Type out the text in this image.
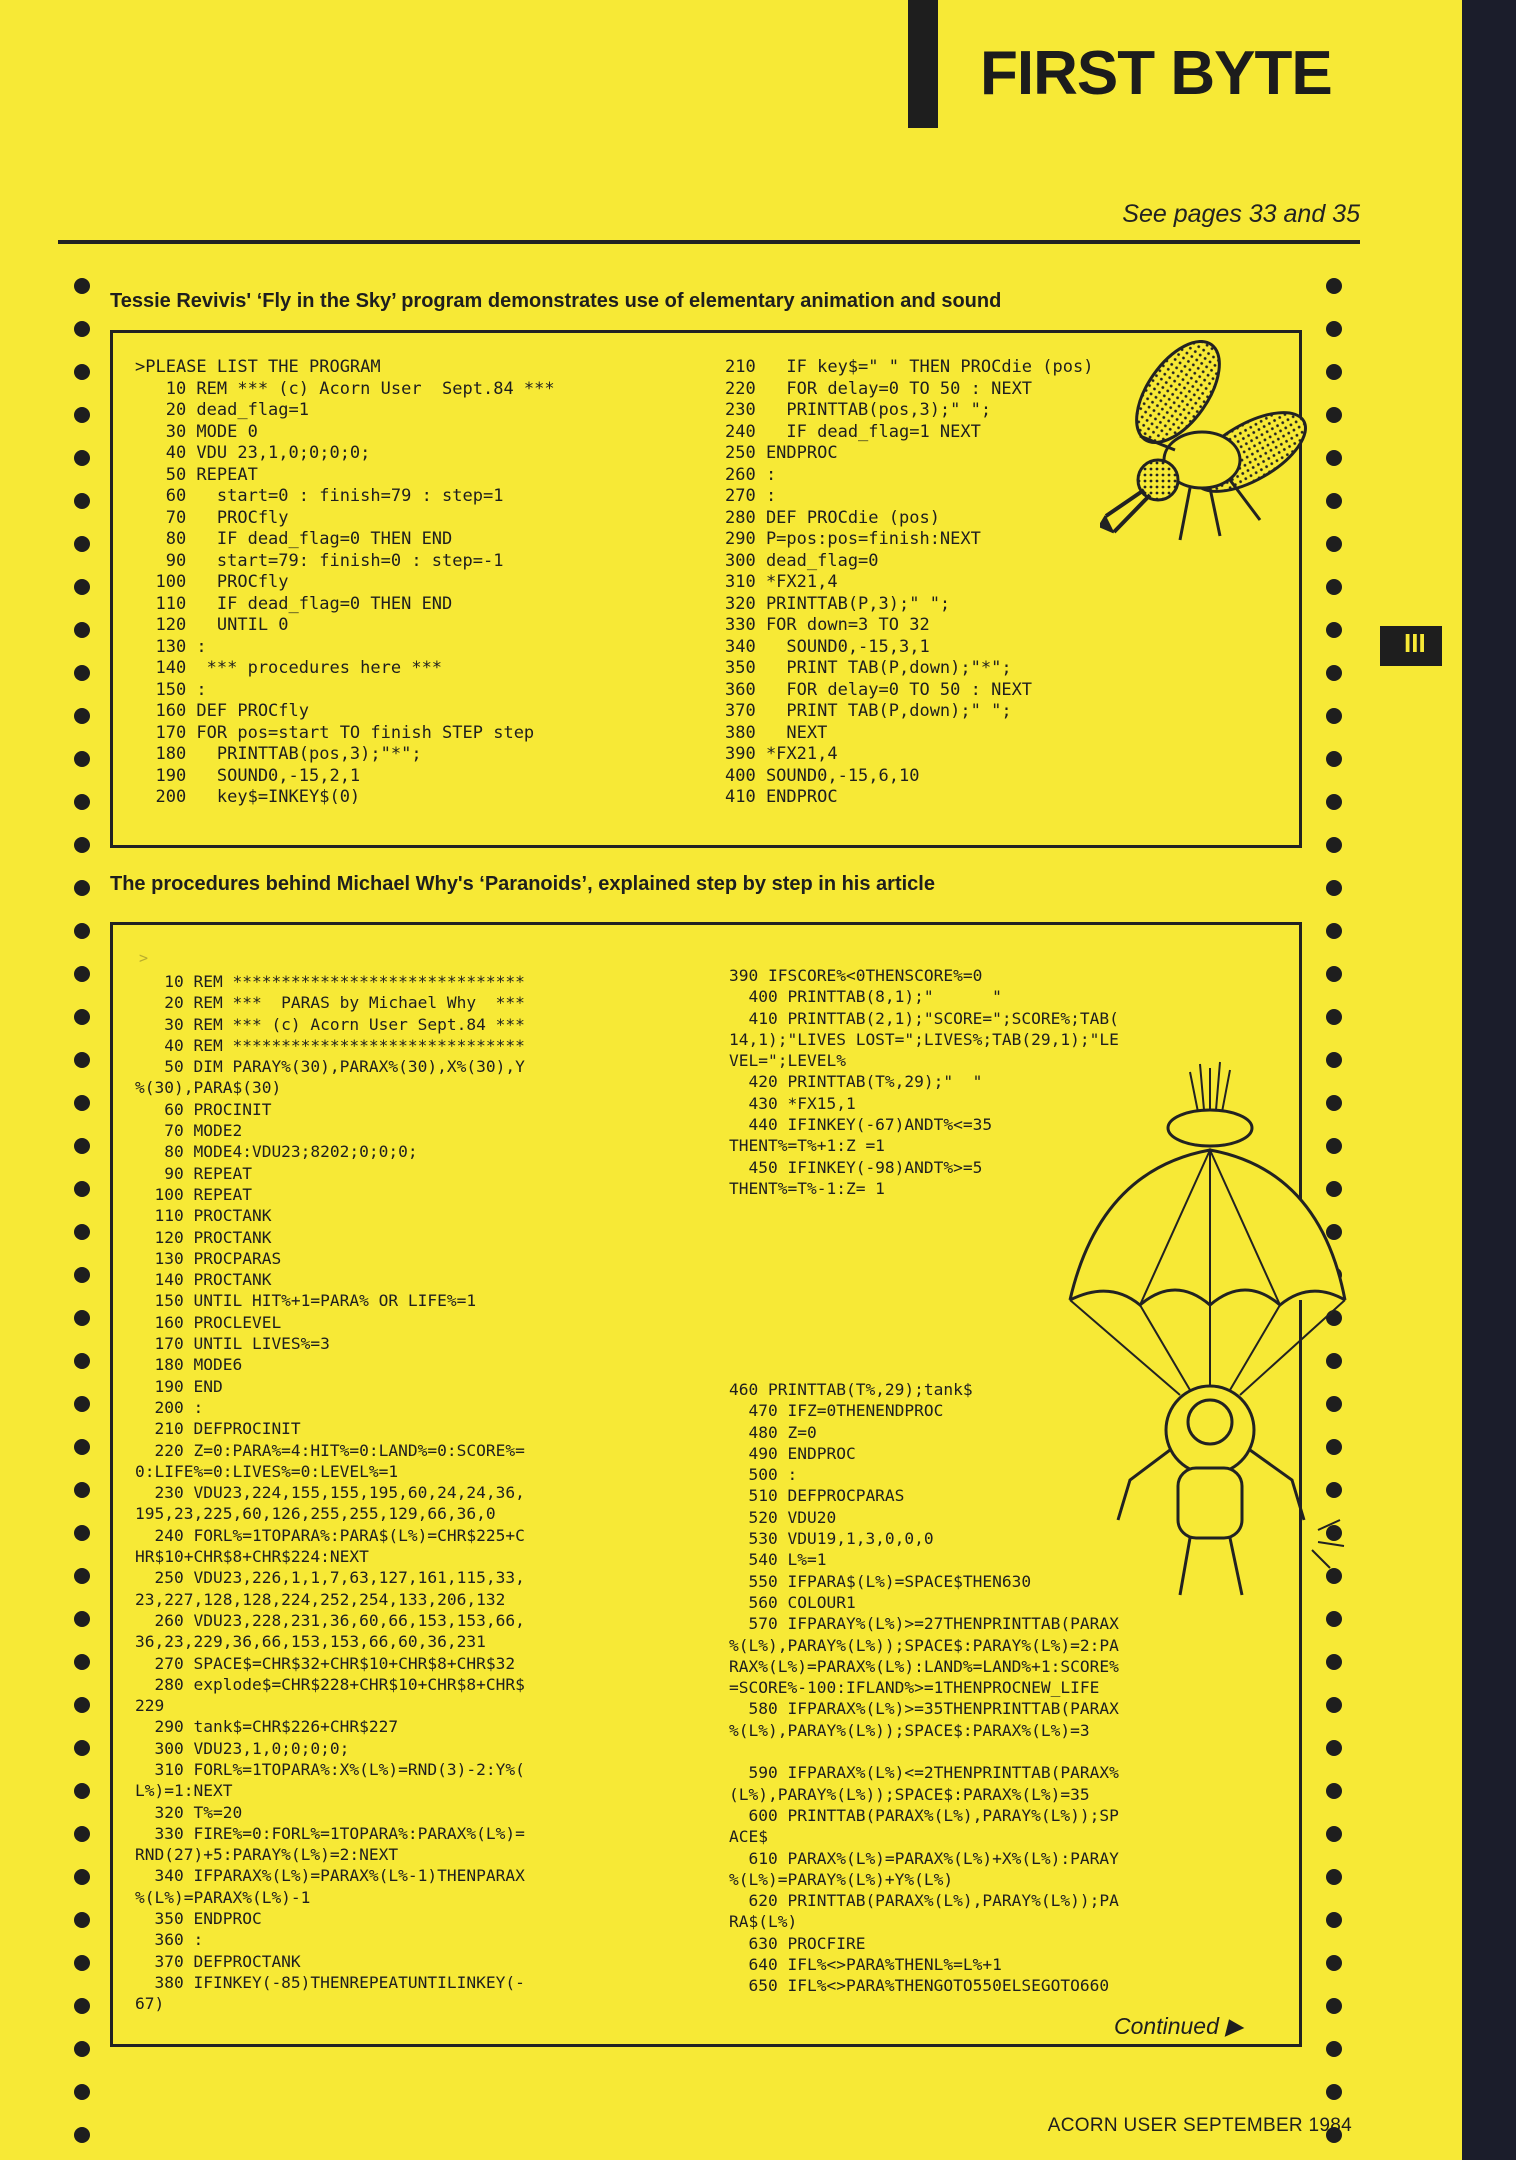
FIRST BYTE
See pages 33 and 35
III
Tessie Revivis' ‘Fly in the Sky’ program demonstrates use of elementary animation and sound
>PLEASE LIST THE PROGRAM
10 REM *** (c) Acorn User  Sept.84 ***
20 dead_flag=1
30 MODE 0
40 VDU 23,1,0;0;0;0;
50 REPEAT
60   start=0 : finish=79 : step=1
70   PROCfly
80   IF dead_flag=0 THEN END
90   start=79: finish=0 : step=-1
100   PROCfly
110   IF dead_flag=0 THEN END
120   UNTIL 0
130 :
140  *** procedures here ***
150 :
160 DEF PROCfly
170 FOR pos=start TO finish STEP step
180   PRINTTAB(pos,3);"*";
190   SOUND0,-15,2,1
200   key$=INKEY$(0)
210   IF key$=" " THEN PROCdie (pos)
220   FOR delay=0 TO 50 : NEXT
230   PRINTTAB(pos,3);" ";
240   IF dead_flag=1 NEXT
250 ENDPROC
260 :
270 :
280 DEF PROCdie (pos)
290 P=pos:pos=finish:NEXT
300 dead_flag=0
310 *FX21,4
320 PRINTTAB(P,3);" ";
330 FOR down=3 TO 32
340   SOUND0,-15,3,1
350   PRINT TAB(P,down);"*";
360   FOR delay=0 TO 50 : NEXT
370   PRINT TAB(P,down);" ";
380   NEXT
390 *FX21,4
400 SOUND0,-15,6,10
410 ENDPROC
The procedures behind Michael Why's ‘Paranoids’, explained step by step in his article
>
10 REM ******************************
20 REM ***  PARAS by Michael Why  ***
30 REM *** (c) Acorn User Sept.84 ***
40 REM ******************************
50 DIM PARAY%(30),PARAX%(30),X%(30),Y
%(30),PARA$(30)
60 PROCINIT
70 MODE2
80 MODE4:VDU23;8202;0;0;0;
90 REPEAT
100 REPEAT
110 PROCTANK
120 PROCTANK
130 PROCPARAS
140 PROCTANK
150 UNTIL HIT%+1=PARA% OR LIFE%=1
160 PROCLEVEL
170 UNTIL LIVES%=3
180 MODE6
190 END
200 :
210 DEFPROCINIT
220 Z=0:PARA%=4:HIT%=0:LAND%=0:SCORE%=
0:LIFE%=0:LIVES%=0:LEVEL%=1
230 VDU23,224,155,155,195,60,24,24,36,
195,23,225,60,126,255,255,129,66,36,0
240 FORL%=1TOPARA%:PARA$(L%)=CHR$225+C
HR$10+CHR$8+CHR$224:NEXT
250 VDU23,226,1,1,7,63,127,161,115,33,
23,227,128,128,224,252,254,133,206,132
260 VDU23,228,231,36,60,66,153,153,66,
36,23,229,36,66,153,153,66,60,36,231
270 SPACE$=CHR$32+CHR$10+CHR$8+CHR$32
280 explode$=CHR$228+CHR$10+CHR$8+CHR$
229
290 tank$=CHR$226+CHR$227
300 VDU23,1,0;0;0;0;
310 FORL%=1TOPARA%:X%(L%)=RND(3)-2:Y%(
L%)=1:NEXT
320 T%=20
330 FIRE%=0:FORL%=1TOPARA%:PARAX%(L%)=
RND(27)+5:PARAY%(L%)=2:NEXT
340 IFPARAX%(L%)=PARAX%(L%-1)THENPARAX
%(L%)=PARAX%(L%)-1
350 ENDPROC
360 :
370 DEFPROCTANK
380 IFINKEY(-85)THENREPEATUNTILINKEY(-
67)
390 IFSCORE%<0THENSCORE%=0
400 PRINTTAB(8,1);"      "
410 PRINTTAB(2,1);"SCORE=";SCORE%;TAB(
14,1);"LIVES LOST=";LIVES%;TAB(29,1);"LE
VEL=";LEVEL%
420 PRINTTAB(T%,29);"  "
430 *FX15,1
440 IFINKEY(-67)ANDT%<=35
THENT%=T%+1:Z =1
450 IFINKEY(-98)ANDT%>=5
THENT%=T%-1:Z= 1
460 PRINTTAB(T%,29);tank$
470 IFZ=0THENENDPROC
480 Z=0
490 ENDPROC
500 :
510 DEFPROCPARAS
520 VDU20
530 VDU19,1,3,0,0,0
540 L%=1
550 IFPARA$(L%)=SPACE$THEN630
560 COLOUR1
570 IFPARAY%(L%)>=27THENPRINTTAB(PARAX
%(L%),PARAY%(L%));SPACE$:PARAY%(L%)=2:PA
RAX%(L%)=PARAX%(L%):LAND%=LAND%+1:SCORE%
=SCORE%-100:IFLAND%>=1THENPROCNEW_LIFE
580 IFPARAX%(L%)>=35THENPRINTTAB(PARAX
%(L%),PARAY%(L%));SPACE$:PARAX%(L%)=3

590 IFPARAX%(L%)<=2THENPRINTTAB(PARAX%
(L%),PARAY%(L%));SPACE$:PARAX%(L%)=35
600 PRINTTAB(PARAX%(L%),PARAY%(L%));SP
ACE$
610 PARAX%(L%)=PARAX%(L%)+X%(L%):PARAY
%(L%)=PARAY%(L%)+Y%(L%)
620 PRINTTAB(PARAX%(L%),PARAY%(L%));PA
RA$(L%)
630 PROCFIRE
640 IFL%<>PARA%THENL%=L%+1
650 IFL%<>PARA%THENGOTO550ELSEGOTO660
Continued ▶
ACORN USER SEPTEMBER 1984
